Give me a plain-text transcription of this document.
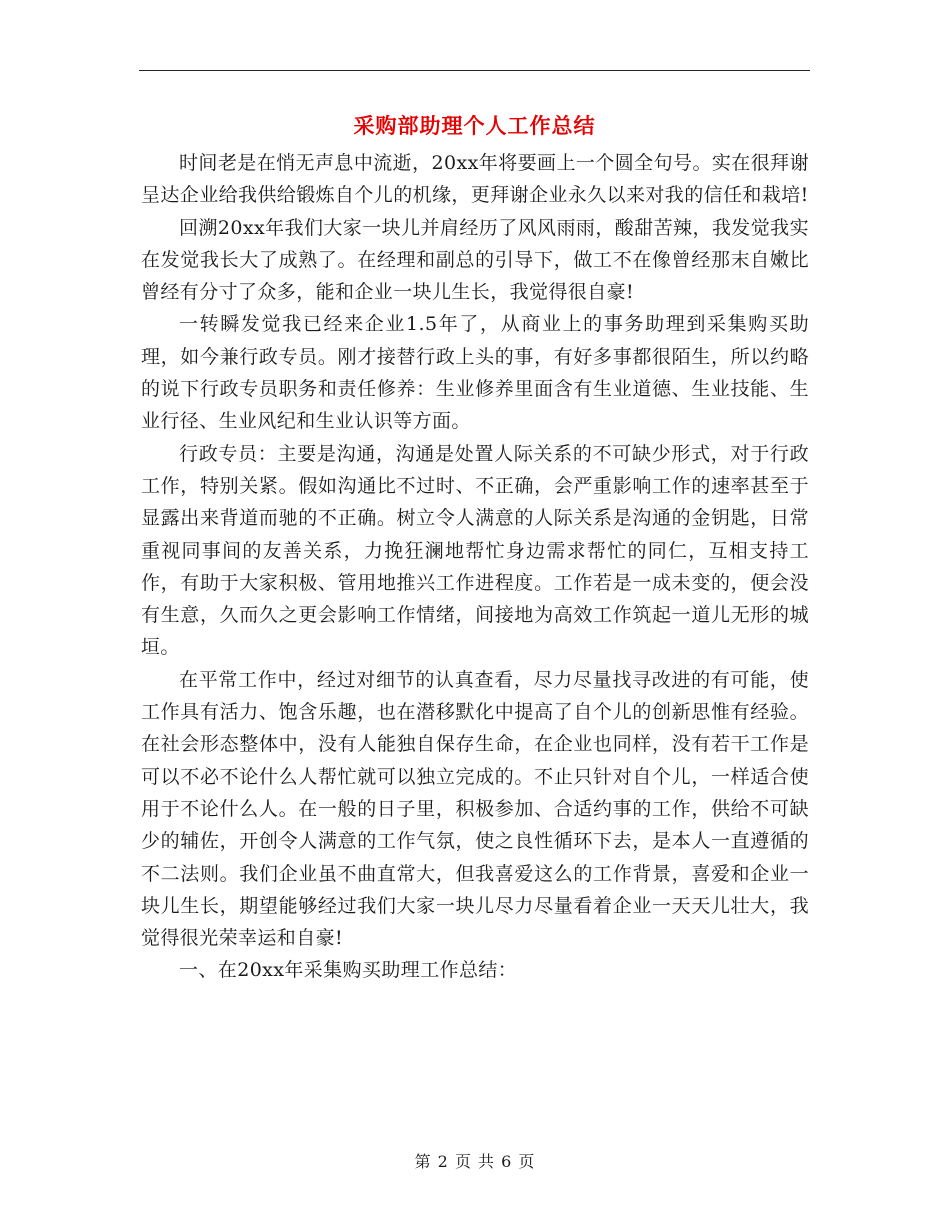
采购部助理个人工作总结

时间老是在悄无声息中流逝，20xx年将要画上一个圆全句号。实在很拜谢呈达企业给我供给锻炼自个儿的机缘，更拜谢企业永久以来对我的信任和栽培!

回溯20xx年我们大家一块儿并肩经历了风风雨雨，酸甜苦辣，我发觉我实在发觉我长大了成熟了。在经理和副总的引导下，做工不在像曾经那末自嫩比曾经有分寸了众多，能和企业一块儿生长，我觉得很自豪!

一转瞬发觉我已经来企业1.5年了，从商业上的事务助理到采集购买助理，如今兼行政专员。刚才接替行政上头的事，有好多事都很陌生，所以约略的说下行政专员职务和责任修养：生业修养里面含有生业道德、生业技能、生业行径、生业风纪和生业认识等方面。

行政专员：主要是沟通，沟通是处置人际关系的不可缺少形式，对于行政工作，特别关紧。假如沟通比不过时、不正确，会严重影响工作的速率甚至于显露出来背道而驰的不正确。树立令人满意的人际关系是沟通的金钥匙，日常重视同事间的友善关系，力挽狂澜地帮忙身边需求帮忙的同仁，互相支持工作，有助于大家积极、管用地推兴工作进程度。工作若是一成未变的，便会没有生意，久而久之更会影响工作情绪，间接地为高效工作筑起一道儿无形的城垣。

在平常工作中，经过对细节的认真查看，尽力尽量找寻改进的有可能，使工作具有活力、饱含乐趣，也在潜移默化中提高了自个儿的创新思惟有经验。在社会形态整体中，没有人能独自保存生命，在企业也同样，没有若干工作是可以不必不论什么人帮忙就可以独立完成的。不止只针对自个儿，一样适合使用于不论什么人。在一般的日子里，积极参加、合适约事的工作，供给不可缺少的辅佐，开创令人满意的工作气氛，使之良性循环下去，是本人一直遵循的不二法则。我们企业虽不曲直常大，但我喜爱这么的工作背景，喜爱和企业一块儿生长，期望能够经过我们大家一块儿尽力尽量看着企业一天天儿壮大，我觉得很光荣幸运和自豪!

一、在20xx年采集购买助理工作总结：

第 2 页 共 6 页
